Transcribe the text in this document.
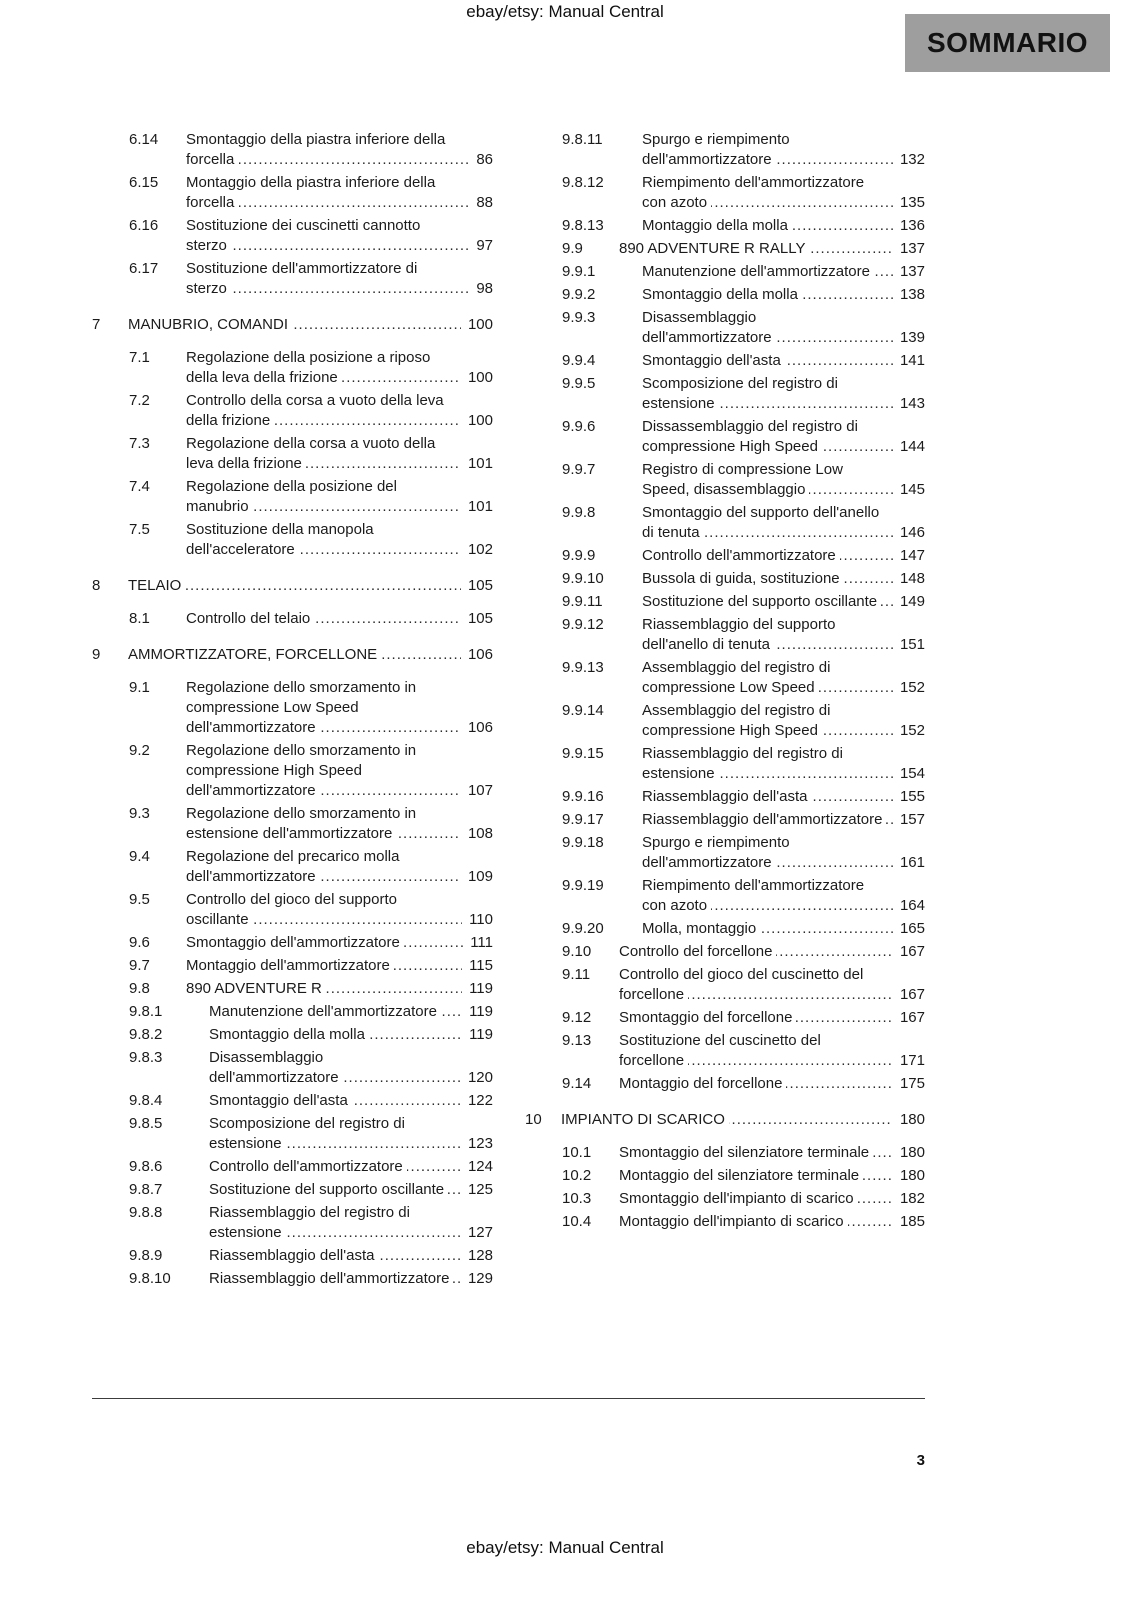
ebay/etsy: Manual Central
SOMMARIO
6.14	..... Smontaggio della piastra inferiore della forcella	86
6.15	..... Montaggio della piastra inferiore della forcella	88
6.16	..... Sostituzione dei cuscinetti cannotto sterzo	97
6.17	..... Sostituzione dell'ammortizzatore di sterzo	98
7	..... MANUBRIO, COMANDI	100
7.1	..... Regolazione della posizione a riposo della leva della frizione	100
7.2	..... Controllo della corsa a vuoto della leva della frizione	100
7.3	..... Regolazione della corsa a vuoto della leva della frizione	101
7.4	..... Regolazione della posizione del manubrio	101
7.5	..... Sostituzione della manopola dell'acceleratore	102
8	..... TELAIO	105
8.1	..... Controllo del telaio	105
9	..... AMMORTIZZATORE, FORCELLONE	106
9.1	..... Regolazione dello smorzamento in compressione Low Speed dell'ammortizzatore	106
9.2	..... Regolazione dello smorzamento in compressione High Speed dell'ammortizzatore	107
9.3	..... Regolazione dello smorzamento in estensione dell'ammortizzatore	108
9.4	..... Regolazione del precarico molla dell'ammortizzatore	109
9.5	..... Controllo del gioco del supporto oscillante	110
9.6	..... Smontaggio dell'ammortizzatore	111
9.7	..... Montaggio dell'ammortizzatore	115
9.8	..... 890 ADVENTURE R	119
9.8.1	..... Manutenzione dell'ammortizzatore	119
9.8.2	..... Smontaggio della molla	119
9.8.3	..... Disassemblaggio dell'ammortizzatore	120
9.8.4	..... Smontaggio dell'asta	122
9.8.5	..... Scomposizione del registro di estensione	123
9.8.6	..... Controllo dell'ammortizzatore	124
9.8.7	..... Sostituzione del supporto oscillante	125
9.8.8	..... Riassemblaggio del registro di estensione	127
9.8.9	..... Riassemblaggio dell'asta	128
9.8.10	..... Riassemblaggio dell'ammortizzatore	129
9.8.11	..... Spurgo e riempimento dell'ammortizzatore	132
9.8.12	..... Riempimento dell'ammortizzatore con azoto	135
9.8.13	..... Montaggio della molla	136
9.9	..... 890 ADVENTURE R RALLY	137
9.9.1	..... Manutenzione dell'ammortizzatore	137
9.9.2	..... Smontaggio della molla	138
9.9.3	..... Disassemblaggio dell'ammortizzatore	139
9.9.4	..... Smontaggio dell'asta	141
9.9.5	..... Scomposizione del registro di estensione	143
9.9.6	..... Dissassemblaggio del registro di compressione High Speed	144
9.9.7	..... Registro di compressione Low Speed, disassemblaggio	145
9.9.8	..... Smontaggio del supporto dell'anello di tenuta	146
9.9.9	..... Controllo dell'ammortizzatore	147
9.9.10	..... Bussola di guida, sostituzione	148
9.9.11	..... Sostituzione del supporto oscillante	149
9.9.12	..... Riassemblaggio del supporto dell'anello di tenuta	151
9.9.13	..... Assemblaggio del registro di compressione Low Speed	152
9.9.14	..... Assemblaggio del registro di compressione High Speed	152
9.9.15	..... Riassemblaggio del registro di estensione	154
9.9.16	..... Riassemblaggio dell'asta	155
9.9.17	..... Riassemblaggio dell'ammortizzatore	157
9.9.18	..... Spurgo e riempimento dell'ammortizzatore	161
9.9.19	..... Riempimento dell'ammortizzatore con azoto	164
9.9.20	..... Molla, montaggio	165
9.10	..... Controllo del forcellone	167
9.11	..... Controllo del gioco del cuscinetto del forcellone	167
9.12	..... Smontaggio del forcellone	167
9.13	..... Sostituzione del cuscinetto del forcellone	171
9.14	..... Montaggio del forcellone	175
10	..... IMPIANTO DI SCARICO	180
10.1	..... Smontaggio del silenziatore terminale	180
10.2	..... Montaggio del silenziatore terminale	180
10.3	..... Smontaggio dell'impianto di scarico	182
10.4	..... Montaggio dell'impianto di scarico	185
3
ebay/etsy: Manual Central
